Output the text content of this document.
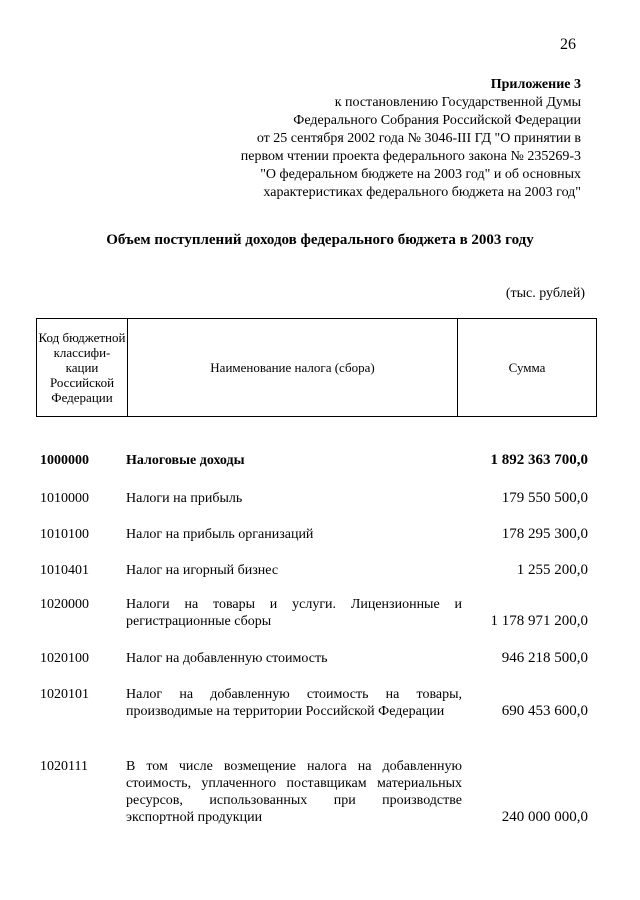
26
Приложение 3
к постановлению Государственной Думы
Федерального Собрания Российской Федерации
от 25 сентября 2002 года № 3046-III ГД "О принятии в
первом чтении проекта федерального закона № 235269-3
"О федеральном бюджете на 2003 год" и об основных
характеристиках федерального бюджета на 2003 год"
Объем поступлений доходов федерального бюджета в 2003 году
(тыс. рублей)
Код бюджетной классифи- кации Российской Федерации	Наименование налога (сбора)	Сумма
1000000	Налоговые доходы	1 892 363 700,0
1010000	Налоги на прибыль	179 550 500,0
1010100	Налог на прибыль организаций	178 295 300,0
1010401	Налог на игорный бизнес	1 255 200,0
1020000	Налоги на товары и услуги. Лицензионные и регистрационные сборы	1 178 971 200,0
1020100	Налог на добавленную стоимость	946 218 500,0
1020101	Налог на добавленную стоимость на товары, производимые на территории Российской Федерации	690 453 600,0
1020111	В том числе возмещение налога на добавленную стоимость, уплаченного поставщикам материальных ресурсов, использованных при производстве экспортной продукции	240 000 000,0
